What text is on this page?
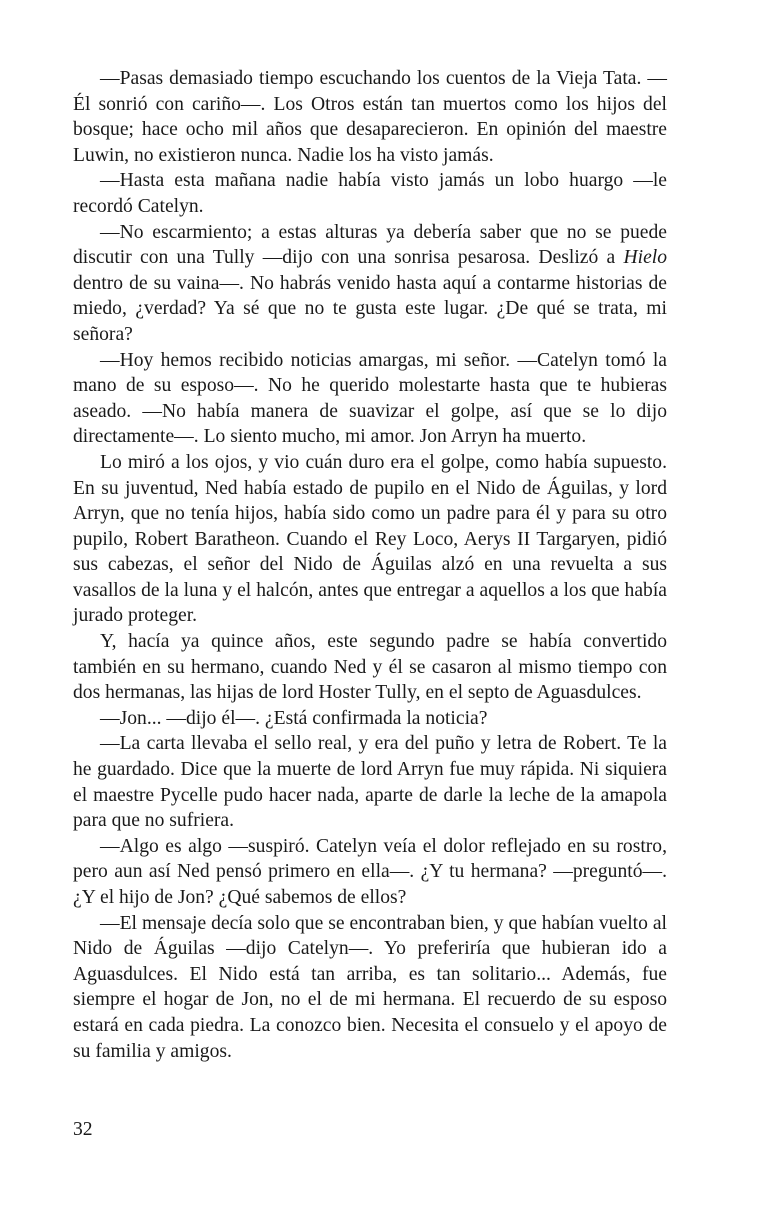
—Pasas demasiado tiempo escuchando los cuentos de la Vieja Tata. —Él sonrió con cariño—. Los Otros están tan muertos como los hijos del bosque; hace ocho mil años que desaparecieron. En opinión del maestre Luwin, no existieron nunca. Nadie los ha visto jamás.

—Hasta esta mañana nadie había visto jamás un lobo huargo —le recordó Catelyn.

—No escarmiento; a estas alturas ya debería saber que no se puede discutir con una Tully —dijo con una sonrisa pesarosa. Deslizó a Hielo dentro de su vaina—. No habrás venido hasta aquí a contarme historias de miedo, ¿verdad? Ya sé que no te gusta este lugar. ¿De qué se trata, mi señora?

—Hoy hemos recibido noticias amargas, mi señor. —Catelyn tomó la mano de su esposo—. No he querido molestarte hasta que te hubieras aseado. —No había manera de suavizar el golpe, así que se lo dijo directamente—. Lo siento mucho, mi amor. Jon Arryn ha muerto.

Lo miró a los ojos, y vio cuán duro era el golpe, como había supuesto. En su juventud, Ned había estado de pupilo en el Nido de Águilas, y lord Arryn, que no tenía hijos, había sido como un padre para él y para su otro pupilo, Robert Baratheon. Cuando el Rey Loco, Aerys II Targaryen, pidió sus cabezas, el señor del Nido de Águilas alzó en una revuelta a sus vasallos de la luna y el halcón, antes que entregar a aquellos a los que había jurado proteger.

Y, hacía ya quince años, este segundo padre se había convertido también en su hermano, cuando Ned y él se casaron al mismo tiempo con dos hermanas, las hijas de lord Hoster Tully, en el septo de Aguasdulces.

—Jon... —dijo él—. ¿Está confirmada la noticia?

—La carta llevaba el sello real, y era del puño y letra de Robert. Te la he guardado. Dice que la muerte de lord Arryn fue muy rápida. Ni siquiera el maestre Pycelle pudo hacer nada, aparte de darle la leche de la amapola para que no sufriera.

—Algo es algo —suspiró. Catelyn veía el dolor reflejado en su rostro, pero aun así Ned pensó primero en ella—. ¿Y tu hermana? —preguntó—. ¿Y el hijo de Jon? ¿Qué sabemos de ellos?

—El mensaje decía solo que se encontraban bien, y que habían vuelto al Nido de Águilas —dijo Catelyn—. Yo preferiría que hubieran ido a Aguasdulces. El Nido está tan arriba, es tan solitario... Además, fue siempre el hogar de Jon, no el de mi hermana. El recuerdo de su esposo estará en cada piedra. La conozco bien. Necesita el consuelo y el apoyo de su familia y amigos.

32
